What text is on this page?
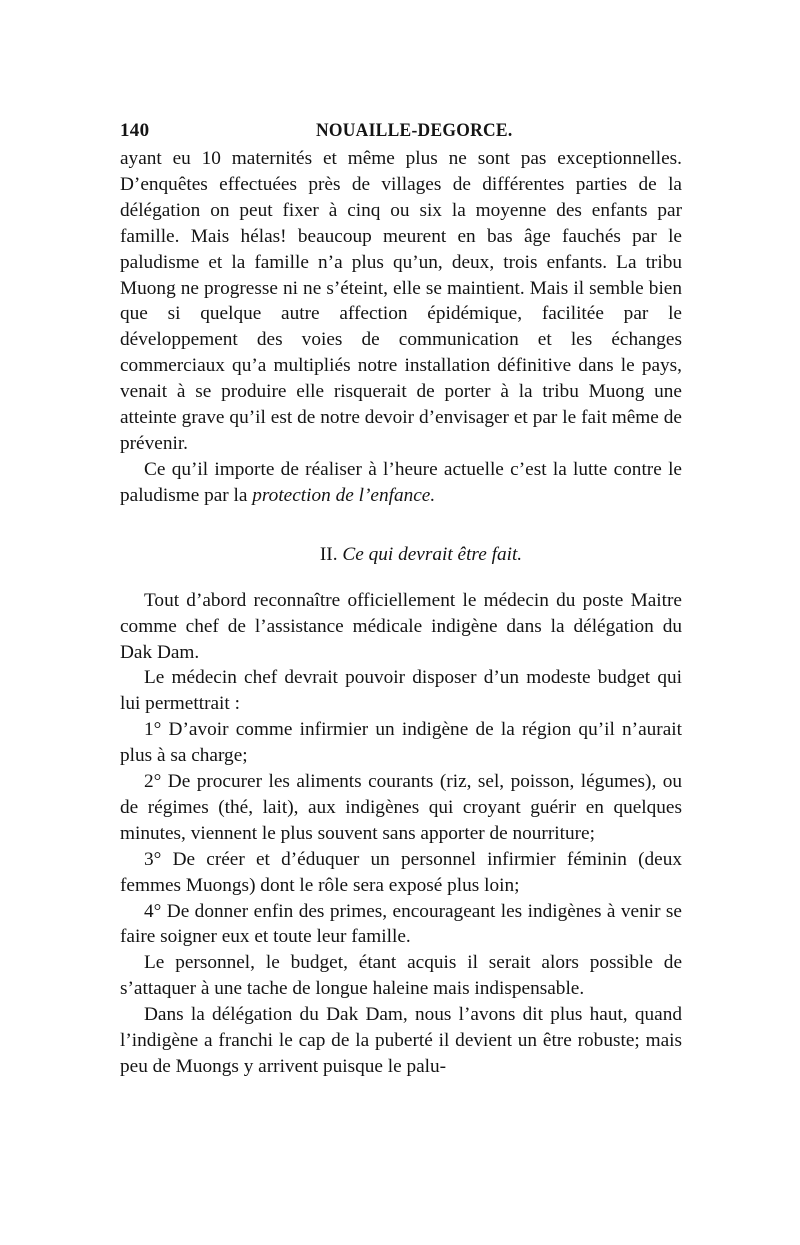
140	NOUAILLE-DEGORCE.

ayant eu 10 maternités et même plus ne sont pas exceptionnelles. D’enquêtes effectuées près de villages de différentes parties de la délégation on peut fixer à cinq ou six la moyenne des enfants par famille. Mais hélas! beaucoup meurent en bas âge fauchés par le paludisme et la famille n’a plus qu’un, deux, trois enfants. La tribu Muong ne progresse ni ne s’éteint, elle se maintient. Mais il semble bien que si quelque autre affection épidémique, facilitée par le développement des voies de communication et les échanges commerciaux qu’a multipliés notre installation définitive dans le pays, venait à se produire elle risquerait de porter à la tribu Muong une atteinte grave qu’il est de notre devoir d’envisager et par le fait même de prévenir.

Ce qu’il importe de réaliser à l’heure actuelle c’est la lutte contre le paludisme par la protection de l’enfance.

II. Ce qui devrait être fait.

Tout d’abord reconnaître officiellement le médecin du poste Maitre comme chef de l’assistance médicale indigène dans la délégation du Dak Dam.

Le médecin chef devrait pouvoir disposer d’un modeste budget qui lui permettrait :

1° D’avoir comme infirmier un indigène de la région qu’il n’aurait plus à sa charge;

2° De procurer les aliments courants (riz, sel, poisson, légumes), ou de régimes (thé, lait), aux indigènes qui croyant guérir en quelques minutes, viennent le plus souvent sans apporter de nourriture;

3° De créer et d’éduquer un personnel infirmier féminin (deux femmes Muongs) dont le rôle sera exposé plus loin;

4° De donner enfin des primes, encourageant les indigènes à venir se faire soigner eux et toute leur famille.

Le personnel, le budget, étant acquis il serait alors possible de s’attaquer à une tache de longue haleine mais indispensable.

Dans la délégation du Dak Dam, nous l’avons dit plus haut, quand l’indigène a franchi le cap de la puberté il devient un être robuste; mais peu de Muongs y arrivent puisque le palu-
